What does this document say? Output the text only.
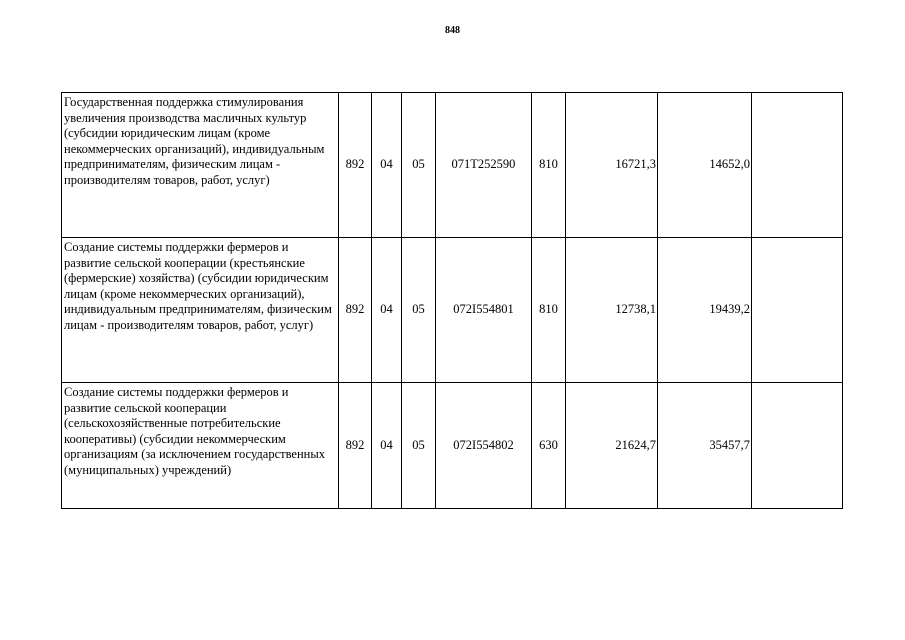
848
Государственная поддержка стимулирования увеличения производства масличных культур (субсидии юридическим лицам (кроме некоммерческих организаций), индивидуальным предпринимателям, физическим лицам - производителям товаров, работ, услуг)	892	04	05	071T252590	810	16721,3	14652,0	
Создание системы поддержки фермеров и развитие сельской кооперации (крестьянские (фермерские) хозяйства) (субсидии юридическим лицам (кроме некоммерческих организаций), индивидуальным предпринимателям, физическим лицам - производителям товаров, работ, услуг)	892	04	05	072I554801	810	12738,1	19439,2	
Создание системы поддержки фермеров и развитие сельской кооперации (сельскохозяйственные потребительские кооперативы) (субсидии некоммерческим организациям (за исключением государственных (муниципальных) учреждений)	892	04	05	072I554802	630	21624,7	35457,7	
